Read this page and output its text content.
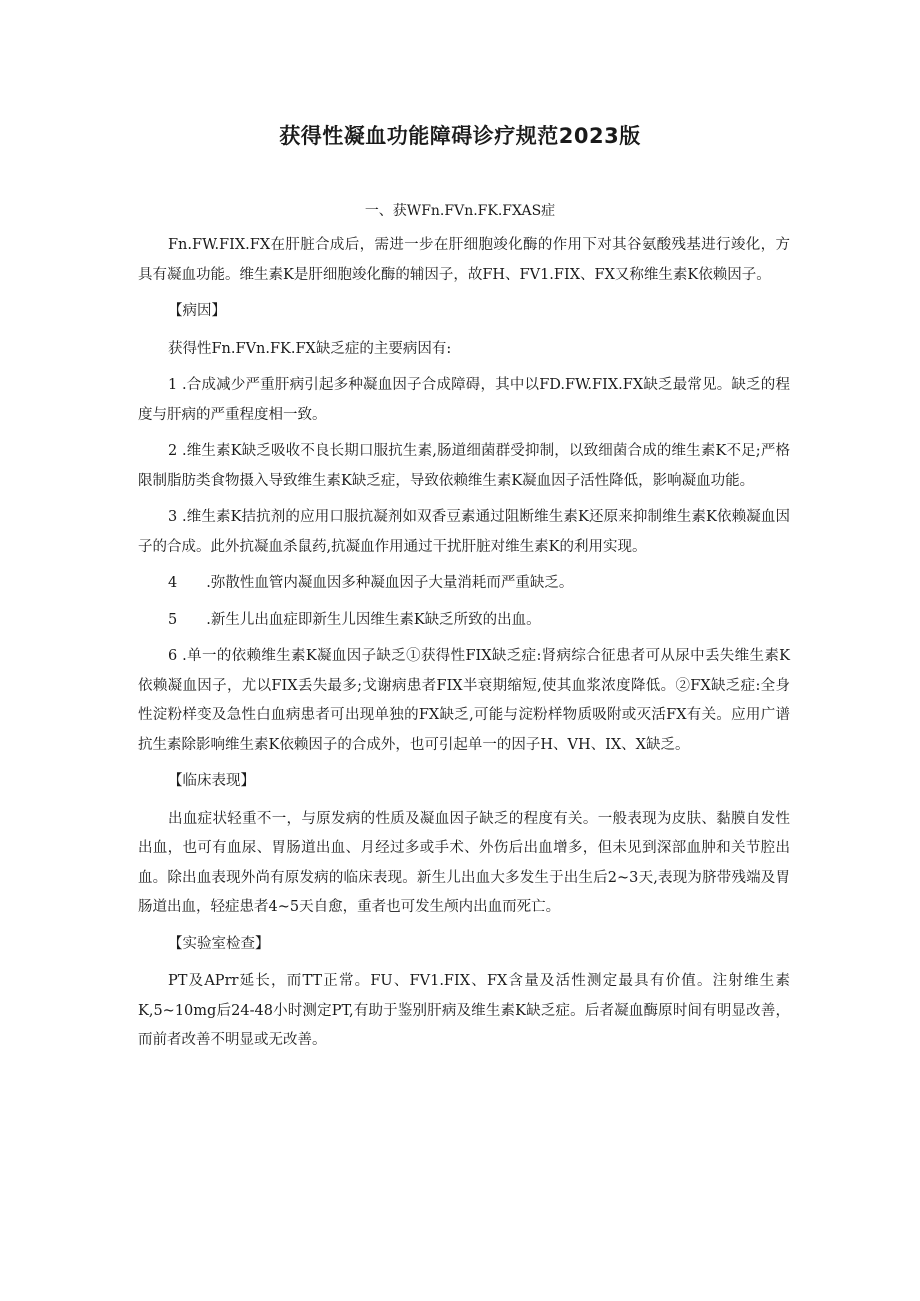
获得性凝血功能障碍诊疗规范2023版

一、获WFn.FVn.FK.FXAS症

Fn.FW.FIX.FX在肝脏合成后，需进一步在肝细胞竣化酶的作用下对其谷氨酸残基进行竣化，方具有凝血功能。维生素K是肝细胞竣化酶的辅因子，故FH、FV1.FIX、FX又称维生素K依赖因子。

【病因】

获得性Fn.FVn.FK.FX缺乏症的主要病因有:

1 .合成减少严重肝病引起多种凝血因子合成障碍，其中以FD.FW.FIX.FX缺乏最常见。缺乏的程度与肝病的严重程度相一致。

2 .维生素K缺乏吸收不良长期口服抗生素,肠道细菌群受抑制，以致细菌合成的维生素K不足;严格限制脂肪类食物摄入导致维生素K缺乏症，导致依赖维生素K凝血因子活性降低，影响凝血功能。

3 .维生素K拮抗剂的应用口服抗凝剂如双香豆素通过阻断维生素K还原来抑制维生素K依赖凝血因子的合成。此外抗凝血杀鼠药,抗凝血作用通过干扰肝脏对维生素K的利用实现。

4　　.弥散性血管内凝血因多种凝血因子大量消耗而严重缺乏。

5　　.新生儿出血症即新生儿因维生素K缺乏所致的出血。

6 .单一的依赖维生素K凝血因子缺乏①获得性FIX缺乏症:肾病综合征患者可从尿中丢失维生素K依赖凝血因子，尤以FIX丢失最多;戈谢病患者FIX半衰期缩短,使其血浆浓度降低。②FX缺乏症:全身性淀粉样变及急性白血病患者可出现单独的FX缺乏,可能与淀粉样物质吸附或灭活FX有关。应用广谱抗生素除影响维生素K依赖因子的合成外，也可引起单一的因子H、VH、IX、X缺乏。

【临床表现】

出血症状轻重不一，与原发病的性质及凝血因子缺乏的程度有关。一般表现为皮肤、黏膜自发性出血，也可有血尿、胃肠道出血、月经过多或手术、外伤后出血增多，但未见到深部血肿和关节腔出血。除出血表现外尚有原发病的临床表现。新生儿出血大多发生于出生后2~3天,表现为脐带残端及胃肠道出血，轻症患者4~5天自愈，重者也可发生颅内出血而死亡。

【实验室检查】

PT及APrr延长，而TT正常。FU、FV1.FIX、FX含量及活性测定最具有价值。注射维生素K,5~10mg后24-48小时测定PT,有助于鉴别肝病及维生素K缺乏症。后者凝血酶原时间有明显改善，而前者改善不明显或无改善。
